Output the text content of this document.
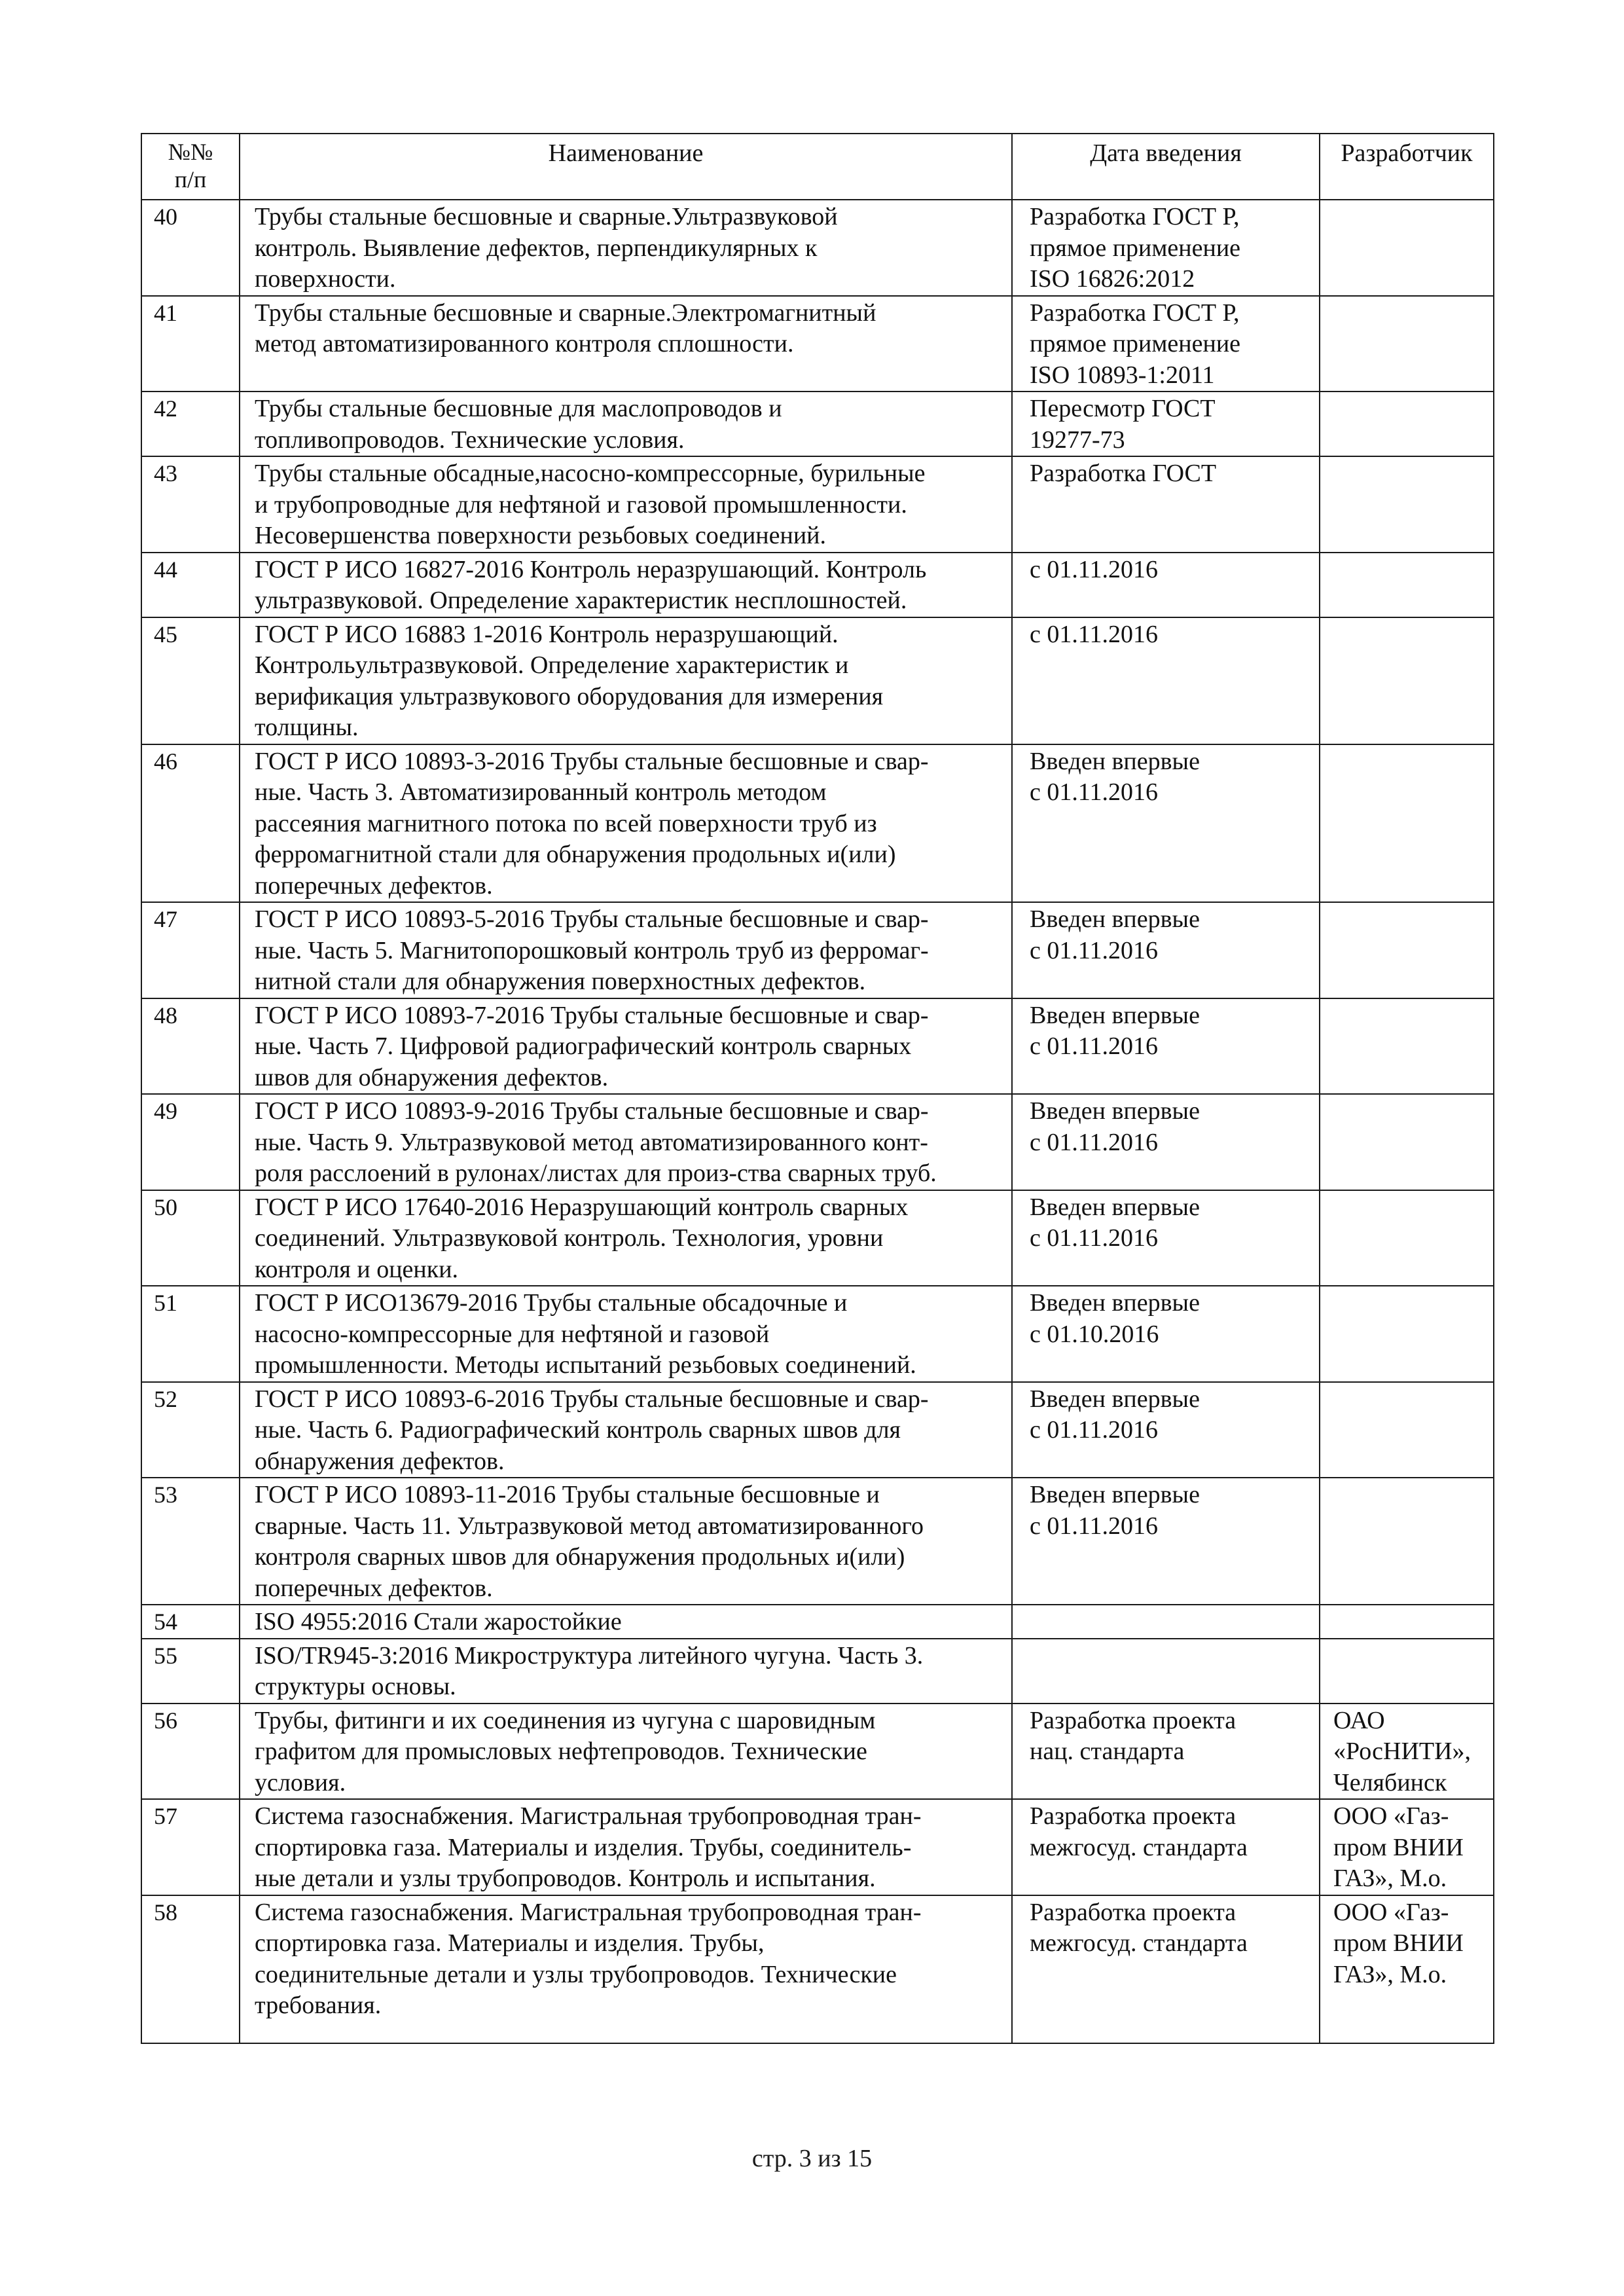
№№
п/п	Наименование	Дата введения	Разработчик

40	Трубы стальные бесшовные и сварные.Ультразвуковой
контроль. Выявление дефектов, перпендикулярных к
поверхности.	Разработка ГОСТ Р,
прямое применение
ISO 16826:2012	

41	Трубы стальные бесшовные и сварные.Электромагнитный
метод автоматизированного контроля сплошности.	Разработка ГОСТ Р,
прямое применение
ISO 10893-1:2011	

42	Трубы стальные бесшовные для маслопроводов и
топливопроводов. Технические условия.	Пересмотр ГОСТ
19277-73	

43	Трубы стальные обсадные,насосно-компрессорные, бурильные
и трубопроводные для нефтяной и газовой промышленности.
Несовершенства поверхности резьбовых соединений.	Разработка ГОСТ	

44	ГОСТ Р ИСО 16827-2016 Контроль неразрушающий. Контроль
ультразвуковой. Определение характеристик несплошностей.	с 01.11.2016	

45	ГОСТ Р ИСО 16883 1-2016 Контроль неразрушающий.
Контрольультразвуковой. Определение характеристик и
верификация ультразвукового оборудования для измерения
толщины.	с 01.11.2016	

46	ГОСТ Р ИСО 10893-3-2016 Трубы стальные бесшовные и свар-
ные. Часть 3. Автоматизированный контроль методом
рассеяния магнитного потока по всей поверхности труб из
ферромагнитной стали для обнаружения продольных и(или)
поперечных дефектов.	Введен впервые
с 01.11.2016	

47	ГОСТ Р ИСО 10893-5-2016 Трубы стальные бесшовные и свар-
ные. Часть 5. Магнитопорошковый контроль труб из ферромаг-
нитной стали для обнаружения поверхностных дефектов.	Введен впервые
с 01.11.2016	

48	ГОСТ Р ИСО 10893-7-2016 Трубы стальные бесшовные и свар-
ные. Часть 7. Цифровой радиографический контроль сварных
швов для обнаружения дефектов.	Введен впервые
с 01.11.2016	

49	ГОСТ Р ИСО 10893-9-2016 Трубы стальные бесшовные и свар-
ные. Часть 9. Ультразвуковой метод автоматизированного конт-
роля расслоений в рулонах/листах для произ-ства сварных труб.	Введен впервые
с 01.11.2016	

50	ГОСТ Р ИСО 17640-2016 Неразрушающий контроль сварных
соединений. Ультразвуковой контроль. Технология, уровни
контроля и оценки.	Введен впервые
с 01.11.2016	

51	ГОСТ Р ИСО13679-2016 Трубы стальные обсадочные и
насосно-компрессорные для нефтяной и газовой
промышленности. Методы испытаний резьбовых соединений.	Введен впервые
с 01.10.2016	

52	ГОСТ Р ИСО 10893-6-2016 Трубы стальные бесшовные и свар-
ные. Часть 6. Радиографический контроль сварных швов для
обнаружения дефектов.	Введен впервые
с 01.11.2016	

53	ГОСТ Р ИСО 10893-11-2016 Трубы стальные бесшовные и
сварные. Часть 11. Ультразвуковой метод автоматизированного
контроля сварных швов для обнаружения продольных и(или)
поперечных дефектов.	Введен впервые
с 01.11.2016	

54	ISO 4955:2016 Стали жаростойкие		

55	ISO/TR945-3:2016 Микроструктура литейного чугуна. Часть 3.
структуры основы.		

56	Трубы, фитинги и их соединения из чугуна с шаровидным
графитом для промысловых нефтепроводов. Технические
условия.	Разработка проекта
нац. стандарта	ОАО
«РосНИТИ»,
Челябинск

57	Система газоснабжения. Магистральная трубопроводная тран-
спортировка газа. Материалы и изделия. Трубы, соединитель-
ные детали и узлы трубопроводов. Контроль и испытания.	Разработка проекта
межгосуд. стандарта	ООО «Газ-
пром ВНИИ
ГАЗ», М.о.

58	Система газоснабжения. Магистральная трубопроводная тран-
спортировка газа. Материалы и изделия. Трубы,
соединительные детали и узлы трубопроводов. Технические
требования.	Разработка проекта
межгосуд. стандарта	ООО «Газ-
пром ВНИИ
ГАЗ», М.о.
стр. 3 из 15
